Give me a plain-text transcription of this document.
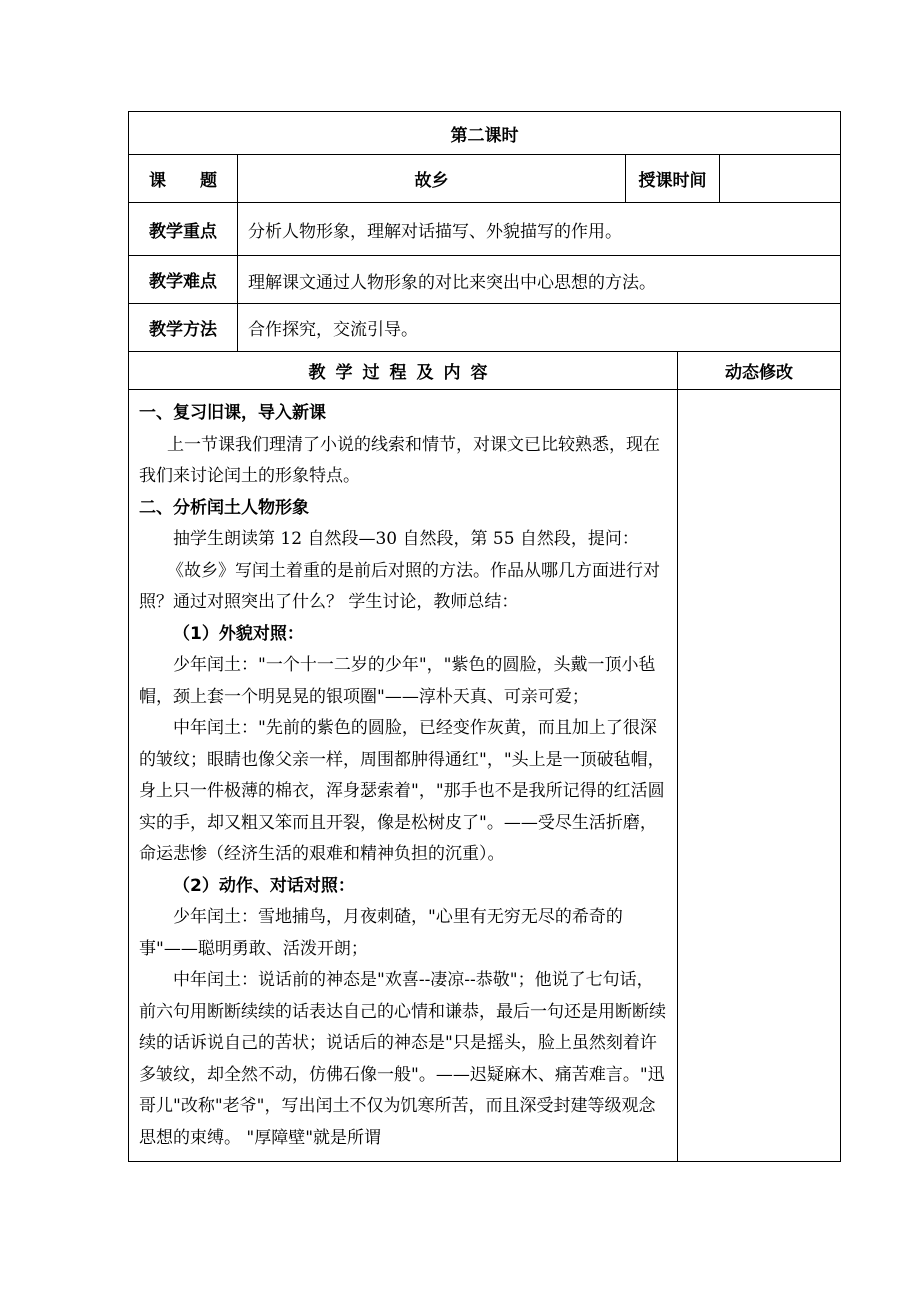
第二课时
课　　题	故乡	授课时间
教学重点	分析人物形象，理解对话描写、外貌描写的作用。
教学难点	理解课文通过人物形象的对比来突出中心思想的方法。
教学方法	合作探究，交流引导。
教学过程及内容	动态修改

一、复习旧课，导入新课

上一节课我们理清了小说的线索和情节，对课文已比较熟悉，现在我们来讨论闰土的形象特点。

二、分析闰土人物形象

抽学生朗读第 12 自然段—30 自然段，第 55 自然段，提问：

《故乡》写闰土着重的是前后对照的方法。作品从哪几方面进行对照？通过对照突出了什么？ 学生讨论，教师总结：

（1）外貌对照：

少年闰土："一个十一二岁的少年"，"紫色的圆脸，头戴一顶小毡帽，颈上套一个明晃晃的银项圈"——淳朴天真、可亲可爱；

中年闰土："先前的紫色的圆脸，已经变作灰黄，而且加上了很深的皱纹；眼睛也像父亲一样，周围都肿得通红"，"头上是一顶破毡帽，身上只一件极薄的棉衣，浑身瑟索着"，"那手也不是我所记得的红活圆实的手，却又粗又笨而且开裂，像是松树皮了"。——受尽生活折磨，命运悲惨（经济生活的艰难和精神负担的沉重）。

（2）动作、对话对照：

少年闰土：雪地捕鸟，月夜刺碴，"心里有无穷无尽的希奇的事"——聪明勇敢、活泼开朗；

中年闰土：说话前的神态是"欢喜--凄凉--恭敬"；他说了七句话，前六句用断断续续的话表达自己的心情和谦恭，最后一句还是用断断续续的话诉说自己的苦状；说话后的神态是"只是摇头，脸上虽然刻着许多皱纹，却全然不动，仿佛石像一般"。——迟疑麻木、痛苦难言。"迅哥儿"改称"老爷"，写出闰土不仅为饥寒所苦，而且深受封建等级观念思想的束缚。 "厚障壁"就是所谓
